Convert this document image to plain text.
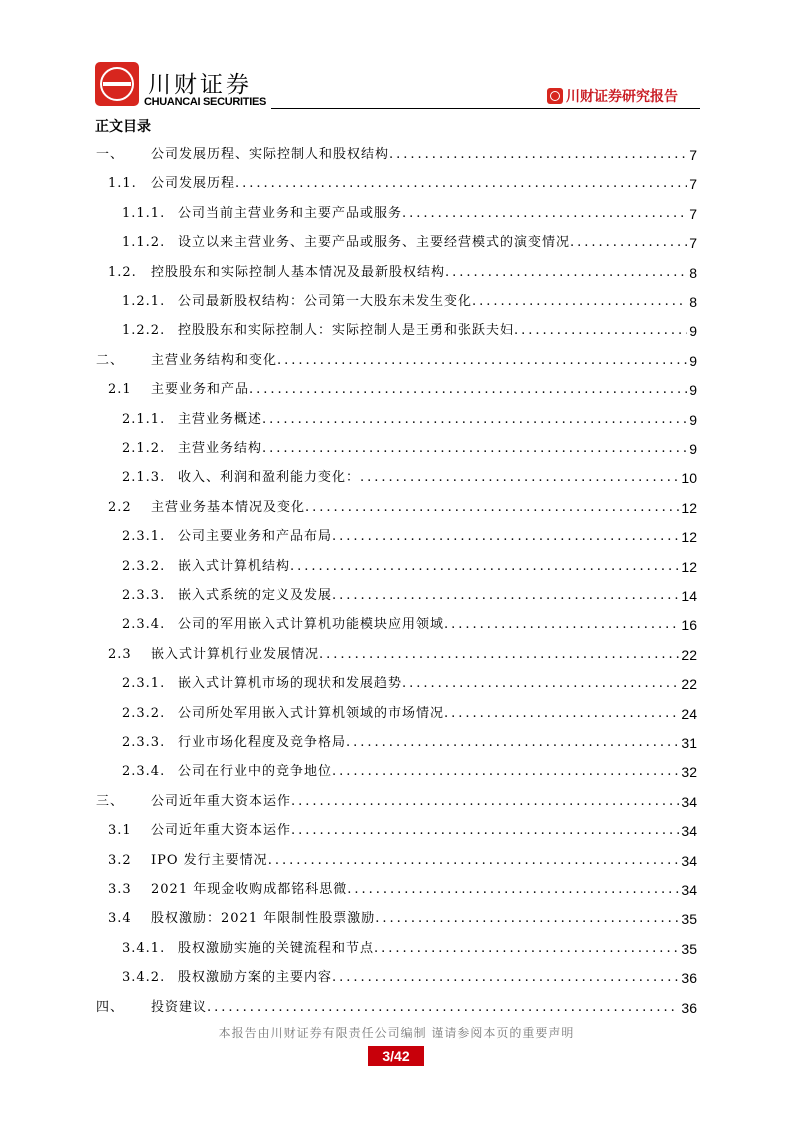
川财证券
CHUANCAI SECURITIES	川财证券研究报告
正文目录
一、 公司发展历程、实际控制人和股权结构 .....	7
1.1. 公司发展历程 .....	7
1.1.1. 公司当前主营业务和主要产品或服务 .....	7
1.1.2. 设立以来主营业务、主要产品或服务、主要经营模式的演变情况 .....	7
1.2. 控股股东和实际控制人基本情况及最新股权结构 .....	8
1.2.1. 公司最新股权结构：公司第一大股东未发生变化 .....	8
1.2.2. 控股股东和实际控制人：实际控制人是王勇和张跃夫妇 .....	9
二、 主营业务结构和变化 .....	9
2.1 主要业务和产品 .....	9
2.1.1. 主营业务概述 .....	9
2.1.2. 主营业务结构 .....	9
2.1.3. 收入、利润和盈利能力变化： .....	10
2.2 主营业务基本情况及变化 .....	12
2.3.1. 公司主要业务和产品布局 .....	12
2.3.2. 嵌入式计算机结构 .....	12
2.3.3. 嵌入式系统的定义及发展 .....	14
2.3.4. 公司的军用嵌入式计算机功能模块应用领域 .....	16
2.3 嵌入式计算机行业发展情况 .....	22
2.3.1. 嵌入式计算机市场的现状和发展趋势 .....	22
2.3.2. 公司所处军用嵌入式计算机领域的市场情况 .....	24
2.3.3. 行业市场化程度及竞争格局 .....	31
2.3.4. 公司在行业中的竞争地位 .....	32
三、 公司近年重大资本运作 .....	34
3.1 公司近年重大资本运作 .....	34
3.2 IPO 发行主要情况 .....	34
3.3 2021 年现金收购成都铭科思微 .....	34
3.4 股权激励：2021 年限制性股票激励 .....	35
3.4.1. 股权激励实施的关键流程和节点 .....	35
3.4.2. 股权激励方案的主要内容 .....	36
四、 投资建议 .....	36
本报告由川财证券有限责任公司编制 谨请参阅本页的重要声明
3/42
